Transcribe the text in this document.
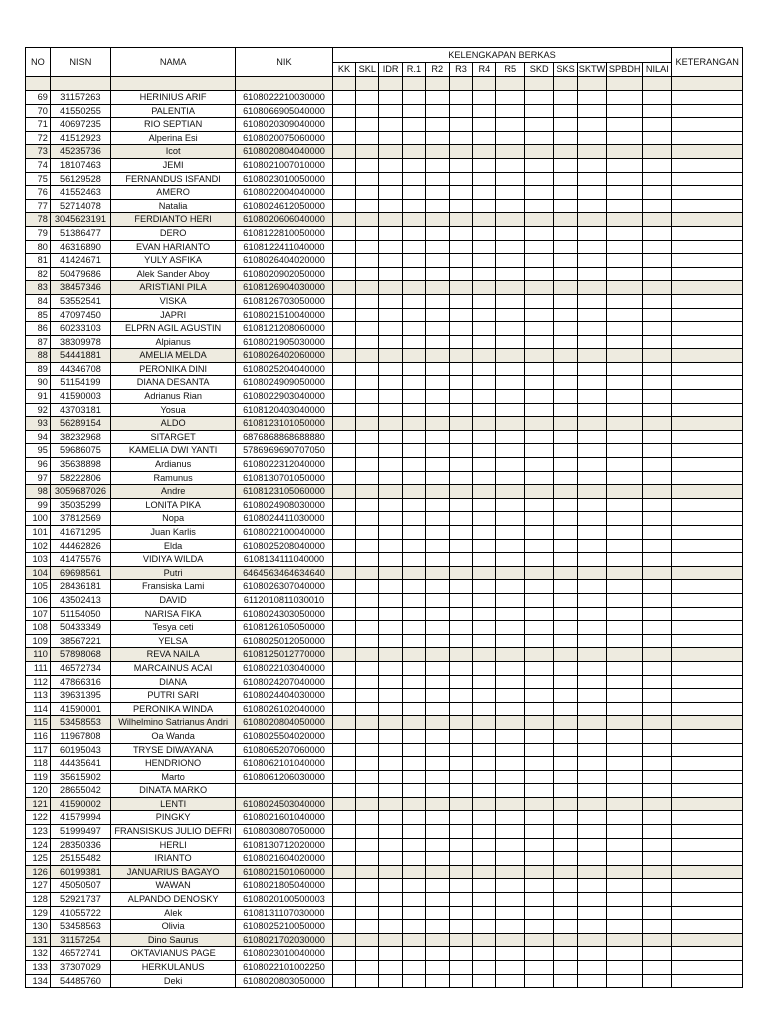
NO	NISN	NAMA	NIK	KELENGKAPAN BERKAS													KETERANGAN
				KK	SKL	IDR	R.1	R2	R3	R4	R5	SKD	SKS	SKTW	SPBDH	NILAI	

69	31157263	HERINIUS ARIF	6108022210030000														
70	41550255	PALENTIA	6108066905040000														
71	40697235	RIO SEPTIAN	6108020309040000														
72	41512923	Alperina Esi	6108020075060000														
73	45235736	Icot	6108020804040000														
74	18107463	JEMI	6108021007010000														
75	56129528	FERNANDUS ISFANDI	6108023010050000														
76	41552463	AMERO	6108022004040000														
77	52714078	Natalia	6108024612050000														
78	3045623191	FERDIANTO HERI	6108020606040000														
79	51386477	DERO	6108122810050000														
80	46316890	EVAN HARIANTO	6108122411040000														
81	41424671	YULY ASFIKA	6108026404020000														
82	50479686	Alek Sander Aboy	6108020902050000														
83	38457346	ARISTIANI PILA	6108126904030000														
84	53552541	VISKA	6108126703050000														
85	47097450	JAPRI	6108021510040000														
86	60233103	ELPRN AGIL AGUSTIN	6108121208060000														
87	38309978	Alpianus	6108021905030000														
88	54441881	AMELIA MELDA	6108026402060000														
89	44346708	PERONIKA DINI	6108025204040000														
90	51154199	DIANA DESANTA	6108024909050000														
91	41590003	Adrianus Rian	6108022903040000														
92	43703181	Yosua	6108120403040000														
93	56289154	ALDO	6108123101050000														
94	38232968	SITARGET	6876868868688880														
95	59686075	KAMELIA DWI YANTI	5786969690707050														
96	35638898	Ardianus	6108022312040000														
97	58222806	Ramunus	6108130701050000														
98	3059687026	Andre	6108123105060000														
99	35035299	LONITA PIKA	6108024908030000														
100	37812569	Nopa	6108024411030000														
101	41671295	Juan Karlis	6108022100040000														
102	44462826	Elda	6108025208040000														
103	41475576	VIDIYA WILDA	6108134111040000														
104	69698561	Putri	6464563464634640														
105	28436181	Fransiska Lami	6108026307040000														
106	43502413	DAVID	6112010811030010														
107	51154050	NARISA FIKA	6108024303050000														
108	50433349	Tesya ceti	6108126105050000														
109	38567221	YELSA	6108025012050000														
110	57898068	REVA NAILA	6108125012770000														
111	46572734	MARCAINUS ACAI	6108022103040000														
112	47866316	DIANA	6108024207040000														
113	39631395	PUTRI SARI	6108024404030000														
114	41590001	PERONIKA WINDA	6108026102040000														
115	53458553	Wilhelmino Satrianus Andri	6108020804050000														
116	11967808	Oa Wanda	6108025504020000														
117	60195043	TRYSE DIWAYANA	6108065207060000														
118	44435641	HENDRIONO	6108062101040000														
119	35615902	Marto	6108061206030000														
120	28655042	DINATA MARKO															
121	41590002	LENTI	6108024503040000														
122	41579994	PINGKY	6108021601040000														
123	51999497	FRANSISKUS JULIO DEFRI	6108030807050000														
124	28350336	HERLI	6108130712020000														
125	25155482	IRIANTO	6108021604020000														
126	60199381	JANUARIUS BAGAYO	6108021501060000														
127	45050507	WAWAN	6108021805040000														
128	52921737	ALPANDO DENOSKY	6108020100500003														
129	41055722	Alek	6108131107030000														
130	53458563	Olivia	6108025210050000														
131	31157254	Dino Saurus	6108021702030000														
132	46572741	OKTAVIANUS PAGE	6108023010040000														
133	37307029	HERKULANUS	6108022101002250														
134	54485760	Deki	6108020803050000														
